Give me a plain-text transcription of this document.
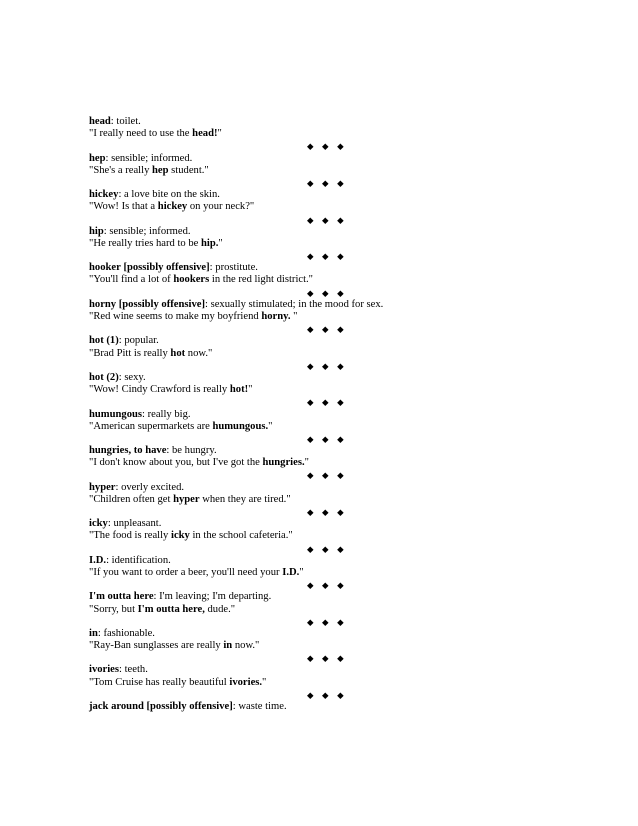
head: toilet.
"I really need to use the head!"
◆ ◆ ◆
hep: sensible; informed.
"She's a really hep student."
◆ ◆ ◆
hickey: a love bite on the skin.
"Wow! Is that a hickey on your neck?"
◆ ◆ ◆
hip: sensible; informed.
"He really tries hard to be hip."
◆ ◆ ◆
hooker [possibly offensive]: prostitute.
"You'll find a lot of hookers in the red light district."
◆ ◆ ◆
horny [possibly offensive]: sexually stimulated; in the mood for sex.
"Red wine seems to make my boyfriend horny. "
◆ ◆ ◆
hot (1): popular.
"Brad Pitt is really hot now."
◆ ◆ ◆
hot (2): sexy.
"Wow! Cindy Crawford is really hot!"
◆ ◆ ◆
humungous: really big.
"American supermarkets are humungous."
◆ ◆ ◆
hungries, to have: be hungry.
"I don't know about you, but I've got the hungries."
◆ ◆ ◆
hyper: overly excited.
"Children often get hyper when they are tired."
◆ ◆ ◆
icky: unpleasant.
"The food is really icky in the school cafeteria."
◆ ◆ ◆
I.D.: identification.
"If you want to order a beer, you'll need your I.D."
◆ ◆ ◆
I'm outta here: I'm leaving; I'm departing.
"Sorry, but I'm outta here, dude."
◆ ◆ ◆
in: fashionable.
"Ray-Ban sunglasses are really in now."
◆ ◆ ◆
ivories: teeth.
"Tom Cruise has really beautiful ivories."
◆ ◆ ◆
jack around [possibly offensive]: waste time.
